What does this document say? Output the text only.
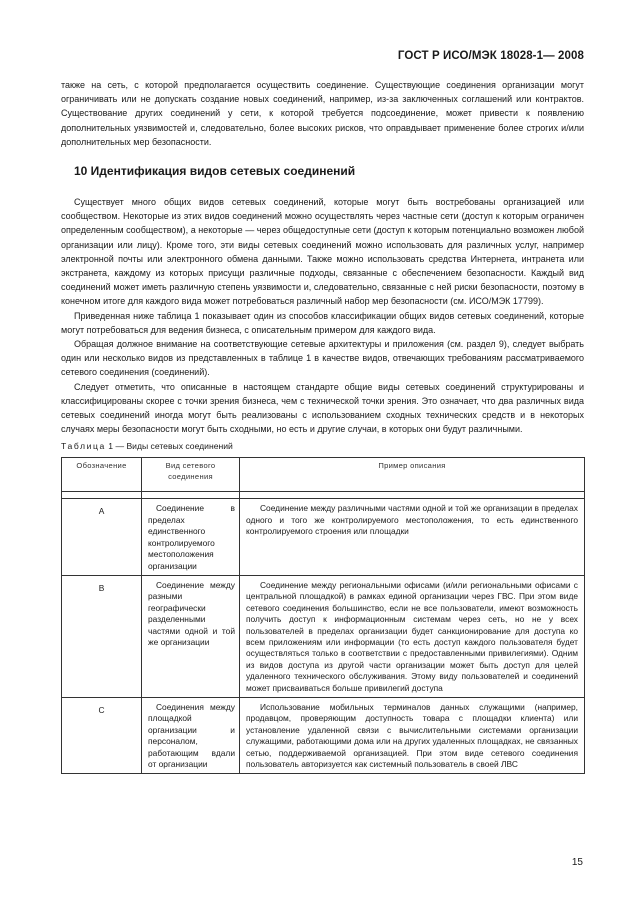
ГОСТ Р ИСО/МЭК 18028-1— 2008

также на сеть, с которой предполагается осуществить соединение. Существующие соединения организации могут ограничивать или не допускать создание новых соединений, например, из-за заключенных соглашений или контрактов. Существование других соединений у сети, к которой требуется подсоединение, может привести к появлению дополнительных уязвимостей и, следовательно, более высоких рисков, что оправдывает применение более строгих и/или дополнительных мер безопасности.

10 Идентификация видов сетевых соединений

Существует много общих видов сетевых соединений, которые могут быть востребованы организацией или сообществом. Некоторые из этих видов соединений можно осуществлять через частные сети (доступ к которым ограничен определенным сообществом), а некоторые — через общедоступные сети (доступ к которым потенциально возможен любой организации или лицу). Кроме того, эти виды сетевых соединений можно использовать для различных услуг, например электронной почты или электронного обмена данными. Также можно использовать средства Интернета, интранета или экстранета, каждому из которых присущи различные подходы, связанные с обеспечением безопасности. Каждый вид соединений может иметь различную степень уязвимости и, следовательно, связанные с ней риски безопасности, поэтому в конечном итоге для каждого вида может потребоваться различный набор мер безопасности (см. ИСО/МЭК 17799).

Приведенная ниже таблица 1 показывает один из способов классификации общих видов сетевых соединений, которые могут потребоваться для ведения бизнеса, с описательным примером для каждого вида.

Обращая должное внимание на соответствующие сетевые архитектуры и приложения (см. раздел 9), следует выбрать один или несколько видов из представленных в таблице 1 в качестве видов, отвечающих требованиям рассматриваемого сетевого соединения (соединений).

Следует отметить, что описанные в настоящем стандарте общие виды сетевых соединений структурированы и классифицированы скорее с точки зрения бизнеса, чем с технической точки зрения. Это означает, что два различных вида сетевых соединений иногда могут быть реализованы с использованием сходных технических средств и в некоторых случаях меры безопасности могут быть сходными, но есть и другие случаи, в которых они будут различными.

Таблица 1 — Виды сетевых соединений
Обозначение	Вид сетевого соединения	Пример описания

A	Соединение в пределах единственного контролируемого местоположения организации	Соединение между различными частями одной и той же организации в пределах одного и того же контролируемого местоположения, то есть единственного контролируемого строения или площадки

B	Соединение между разными географически разделенными частями одной и той же организации	Соединение между региональными офисами (и/или региональными офисами с центральной площадкой) в рамках единой организации через ГВС. При этом виде сетевого соединения большинство, если не все пользователи, имеют возможность получить доступ к информационным системам через сеть, но не у всех пользователей в пределах организации будет санкционирование для доступа ко всем приложениям или информации (то есть доступ каждого пользователя будет осуществляться только в соответствии с предоставленными привилегиями). Одним из видов доступа из другой части организации может быть доступ для целей удаленного технического обслуживания. Этому виду пользователей и соединений может присваиваться больше привилегий доступа

C	Соединения между площадкой организации и персоналом, работающим вдали от организации	Использование мобильных терминалов данных служащими (например, продавцом, проверяющим доступность товара с площадки клиента) или установление удаленной связи с вычислительными системами организации служащими, работающими дома или на других удаленных площадках, не связанных сетью, поддерживаемой организацией. При этом виде сетевого соединения пользователь авторизуется как системный пользователь в своей ЛВС
15
